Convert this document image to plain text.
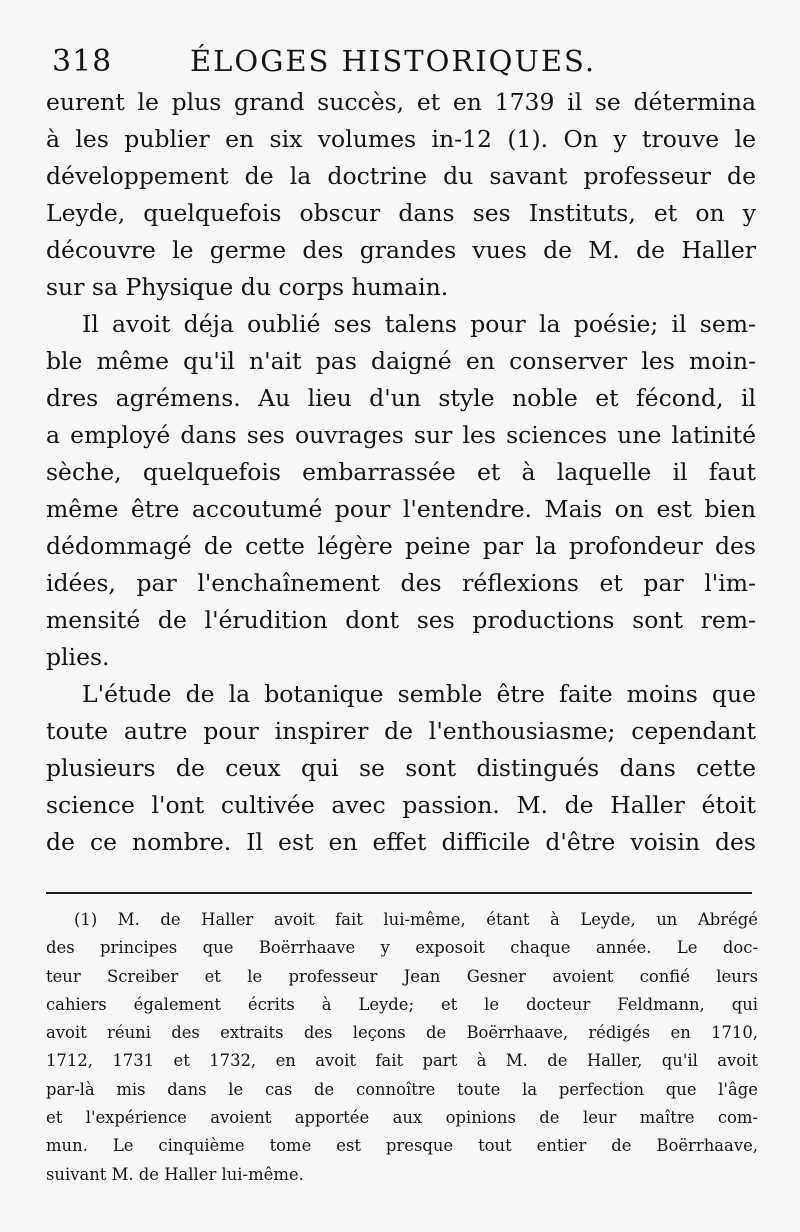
318	ÉLOGES HISTORIQUES.
eurent le plus grand succès, et en 1739 il se détermina
à les publier en six volumes in-12 (1). On y trouve le
développement de la doctrine du savant professeur de
Leyde, quelquefois obscur dans ses Instituts, et on y
découvre le germe des grandes vues de M. de Haller
sur sa Physique du corps humain.
Il avoit déja oublié ses talens pour la poésie; il sem-
ble même qu'il n'ait pas daigné en conserver les moin-
dres agrémens. Au lieu d'un style noble et fécond, il
a employé dans ses ouvrages sur les sciences une latinité
sèche, quelquefois embarrassée et à laquelle il faut
même être accoutumé pour l'entendre. Mais on est bien
dédommagé de cette légère peine par la profondeur des
idées, par l'enchaînement des réflexions et par l'im-
mensité de l'érudition dont ses productions sont rem-
plies.
L'étude de la botanique semble être faite moins que
toute autre pour inspirer de l'enthousiasme; cependant
plusieurs de ceux qui se sont distingués dans cette
science l'ont cultivée avec passion. M. de Haller étoit
de ce nombre. Il est en effet difficile d'être voisin des
(1) M. de Haller avoit fait lui-même, étant à Leyde, un Abrégé
des principes que Boërrhaave y exposoit chaque année. Le doc-
teur Screiber et le professeur Jean Gesner avoient confié leurs
cahiers également écrits à Leyde; et le docteur Feldmann, qui
avoit réuni des extraits des leçons de Boërrhaave, rédigés en 1710,
1712, 1731 et 1732, en avoit fait part à M. de Haller, qu'il avoit
par-là mis dans le cas de connoître toute la perfection que l'âge
et l'expérience avoient apportée aux opinions de leur maître com-
mun. Le cinquième tome est presque tout entier de Boërrhaave,
suivant M. de Haller lui-même.
